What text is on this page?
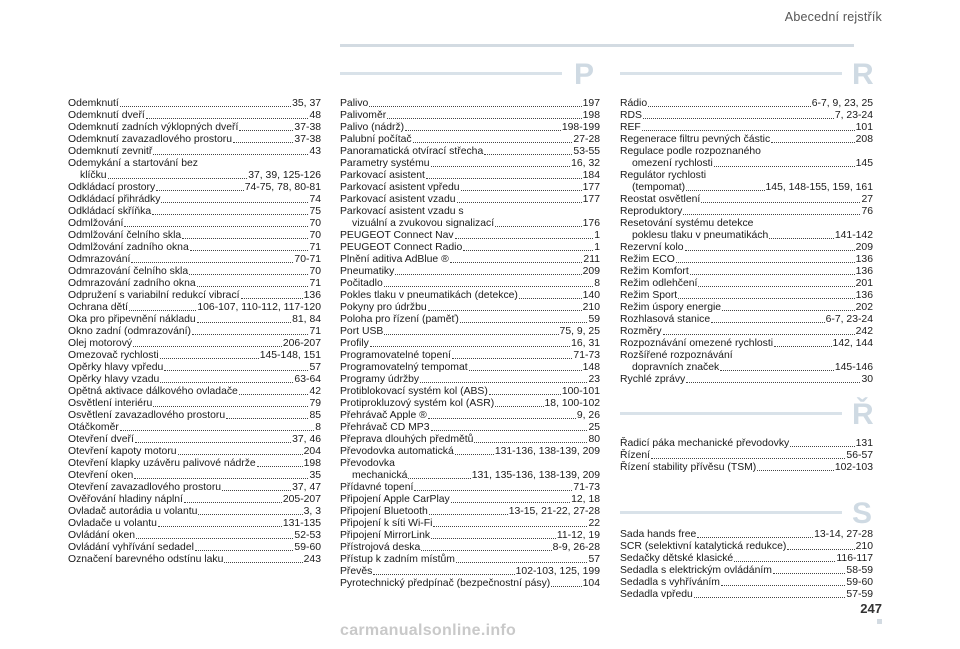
Abecední rejstřík
P	R
Ř
S
Odemknutí	35, 37
Odemknutí dveří	48
Odemknutí zadních výklopných dveří	37-38
Odemknutí zavazadlového prostoru	37-38
Odemknutí zevnitř	43
Odemykání a startování bez
klíčku	37, 39, 125-126
Odkládací prostory	74-75, 78, 80-81
Odkládací přihrádky	74
Odkládací skříňka	75
Odmlžování	70
Odmlžování čelního skla	70
Odmlžování zadního okna	71
Odmrazování	70-71
Odmrazování čelního skla	70
Odmrazování zadního okna	71
Odpružení s variabilní redukcí vibrací	136
Ochrana dětí	106-107, 110-112, 117-120
Oka pro připevnění nákladu	81, 84
Okno zadní (odmrazování)	71
Olej motorový	206-207
Omezovač rychlosti	145-148, 151
Opěrky hlavy vpředu	57
Opěrky hlavy vzadu	63-64
Opětná aktivace dálkového ovladače	42
Osvětlení interiéru	79
Osvětlení zavazadlového prostoru	85
Otáčkoměr	8
Otevření dveří	37, 46
Otevření kapoty motoru	204
Otevření klapky uzávěru palivové nádrže	198
Otevření oken	35
Otevření zavazadlového prostoru	37, 47
Ověřování hladiny náplní	205-207
Ovladač autorádia u volantu	3, 3
Ovladače u volantu	131-135
Ovládání oken	52-53
Ovládání vyhřívání sedadel	59-60
Označení barevného odstínu laku	243
Palivo	197
Palivoměr	198
Palivo (nádrž)	198-199
Palubní počítač	27-28
Panoramatická otvírací střecha	53-55
Parametry systému	16, 32
Parkovací asistent	184
Parkovací asistent vpředu	177
Parkovací asistent vzadu	177
Parkovací asistent vzadu s
vizuální a zvukovou signalizací	176
PEUGEOT Connect Nav	1
PEUGEOT Connect Radio	1
Plnění aditiva AdBlue ®	211
Pneumatiky	209
Počitadlo	8
Pokles tlaku v pneumatikách (detekce)	140
Pokyny pro údržbu	210
Poloha pro řízení (paměť)	59
Port USB	75, 9, 25
Profily	16, 31
Programovatelné topení	71-73
Programovatelný tempomat	148
Programy údržby	23
Protiblokovací systém kol (ABS)	100-101
Protiprokluzový systém kol (ASR)	18, 100-102
Přehrávač Apple ®	9, 26
Přehrávač CD MP3	25
Přeprava dlouhých předmětů	80
Převodovka automatická	131-136, 138-139, 209
Převodovka
mechanická	131, 135-136, 138-139, 209
Přídavné topení	71-73
Připojení Apple CarPlay	12, 18
Připojení Bluetooth	13-15, 21-22, 27-28
Připojení k síti Wi-Fi	22
Připojení MirrorLink	11-12, 19
Přístrojová deska	8-9, 26-28
Přístup k zadním místům	57
Převěs	102-103, 125, 199
Pyrotechnický předpínač (bezpečnostní pásy)	104
Rádio	6-7, 9, 23, 25
RDS	7, 23-24
REF	101
Regenerace filtru pevných částic	208
Regulace podle rozpoznaného
omezení rychlosti	145
Regulátor rychlosti
(tempomat)	145, 148-155, 159, 161
Reostat osvětlení	27
Reproduktory	76
Resetování systému detekce
poklesu tlaku v pneumatikách	141-142
Rezervní kolo	209
Režim ECO	136
Režim Komfort	136
Režim odlehčení	201
Režim Sport	136
Režim úspory energie	202
Rozhlasová stanice	6-7, 23-24
Rozměry	242
Rozpoznávání omezené rychlosti	142, 144
Rozšířené rozpoznávání
dopravních značek	145-146
Rychlé zprávy	30
Řadicí páka mechanické převodovky	131
Řízení	56-57
Řízení stability přívěsu (TSM)	102-103
Sada hands free	13-14, 27-28
SCR (selektivní katalytická redukce)	210
Sedačky dětské klasické	116-117
Sedadla s elektrickým ovládáním	58-59
Sedadla s vyhříváním	59-60
Sedadla vpředu	57-59
247
carmanualsonline.info
